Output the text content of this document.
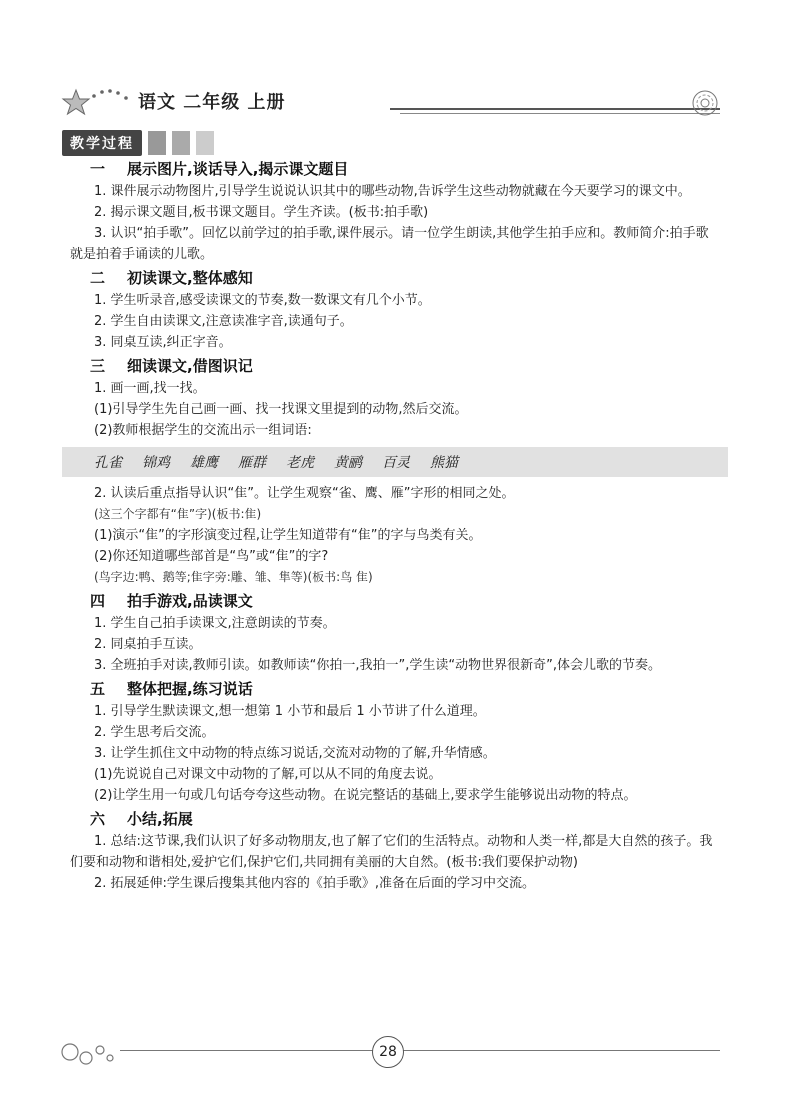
语文 二年级 上册
教学过程
一 展示图片,谈话导入,揭示课文题目
1. 课件展示动物图片,引导学生说说认识其中的哪些动物,告诉学生这些动物就藏在今天要学习的课文中。
2. 揭示课文题目,板书课文题目。学生齐读。(板书:拍手歌)
3. 认识“拍手歌”。回忆以前学过的拍手歌,课件展示。请一位学生朗读,其他学生拍手应和。教师简介:拍手歌就是拍着手诵读的儿歌。
二 初读课文,整体感知
1. 学生听录音,感受读课文的节奏,数一数课文有几个小节。
2. 学生自由读课文,注意读准字音,读通句子。
3. 同桌互读,纠正字音。
三 细读课文,借图识记
1. 画一画,找一找。
(1)引导学生先自己画一画、找一找课文里提到的动物,然后交流。
(2)教师根据学生的交流出示一组词语:
孔雀 锦鸡 雄鹰 雁群 老虎 黄鹂 百灵 熊猫
2. 认读后重点指导认识“隹”。让学生观察“雀、鹰、雁”字形的相同之处。
(这三个字都有“隹”字)(板书:隹)
(1)演示“隹”的字形演变过程,让学生知道带有“隹”的字与鸟类有关。
(2)你还知道哪些部首是“鸟”或“隹”的字?
(鸟字边:鸭、鹅等;隹字旁:雕、雏、隼等)(板书:鸟 隹)
四 拍手游戏,品读课文
1. 学生自己拍手读课文,注意朗读的节奏。
2. 同桌拍手互读。
3. 全班拍手对读,教师引读。如教师读“你拍一,我拍一”,学生读“动物世界很新奇”,体会儿歌的节奏。
五 整体把握,练习说话
1. 引导学生默读课文,想一想第 1 小节和最后 1 小节讲了什么道理。
2. 学生思考后交流。
3. 让学生抓住文中动物的特点练习说话,交流对动物的了解,升华情感。
(1)先说说自己对课文中动物的了解,可以从不同的角度去说。
(2)让学生用一句或几句话夸夸这些动物。在说完整话的基础上,要求学生能够说出动物的特点。
六 小结,拓展
1. 总结:这节课,我们认识了好多动物朋友,也了解了它们的生活特点。动物和人类一样,都是大自然的孩子。我们要和动物和谐相处,爱护它们,保护它们,共同拥有美丽的大自然。(板书:我们要保护动物)
2. 拓展延伸:学生课后搜集其他内容的《拍手歌》,准备在后面的学习中交流。
28
